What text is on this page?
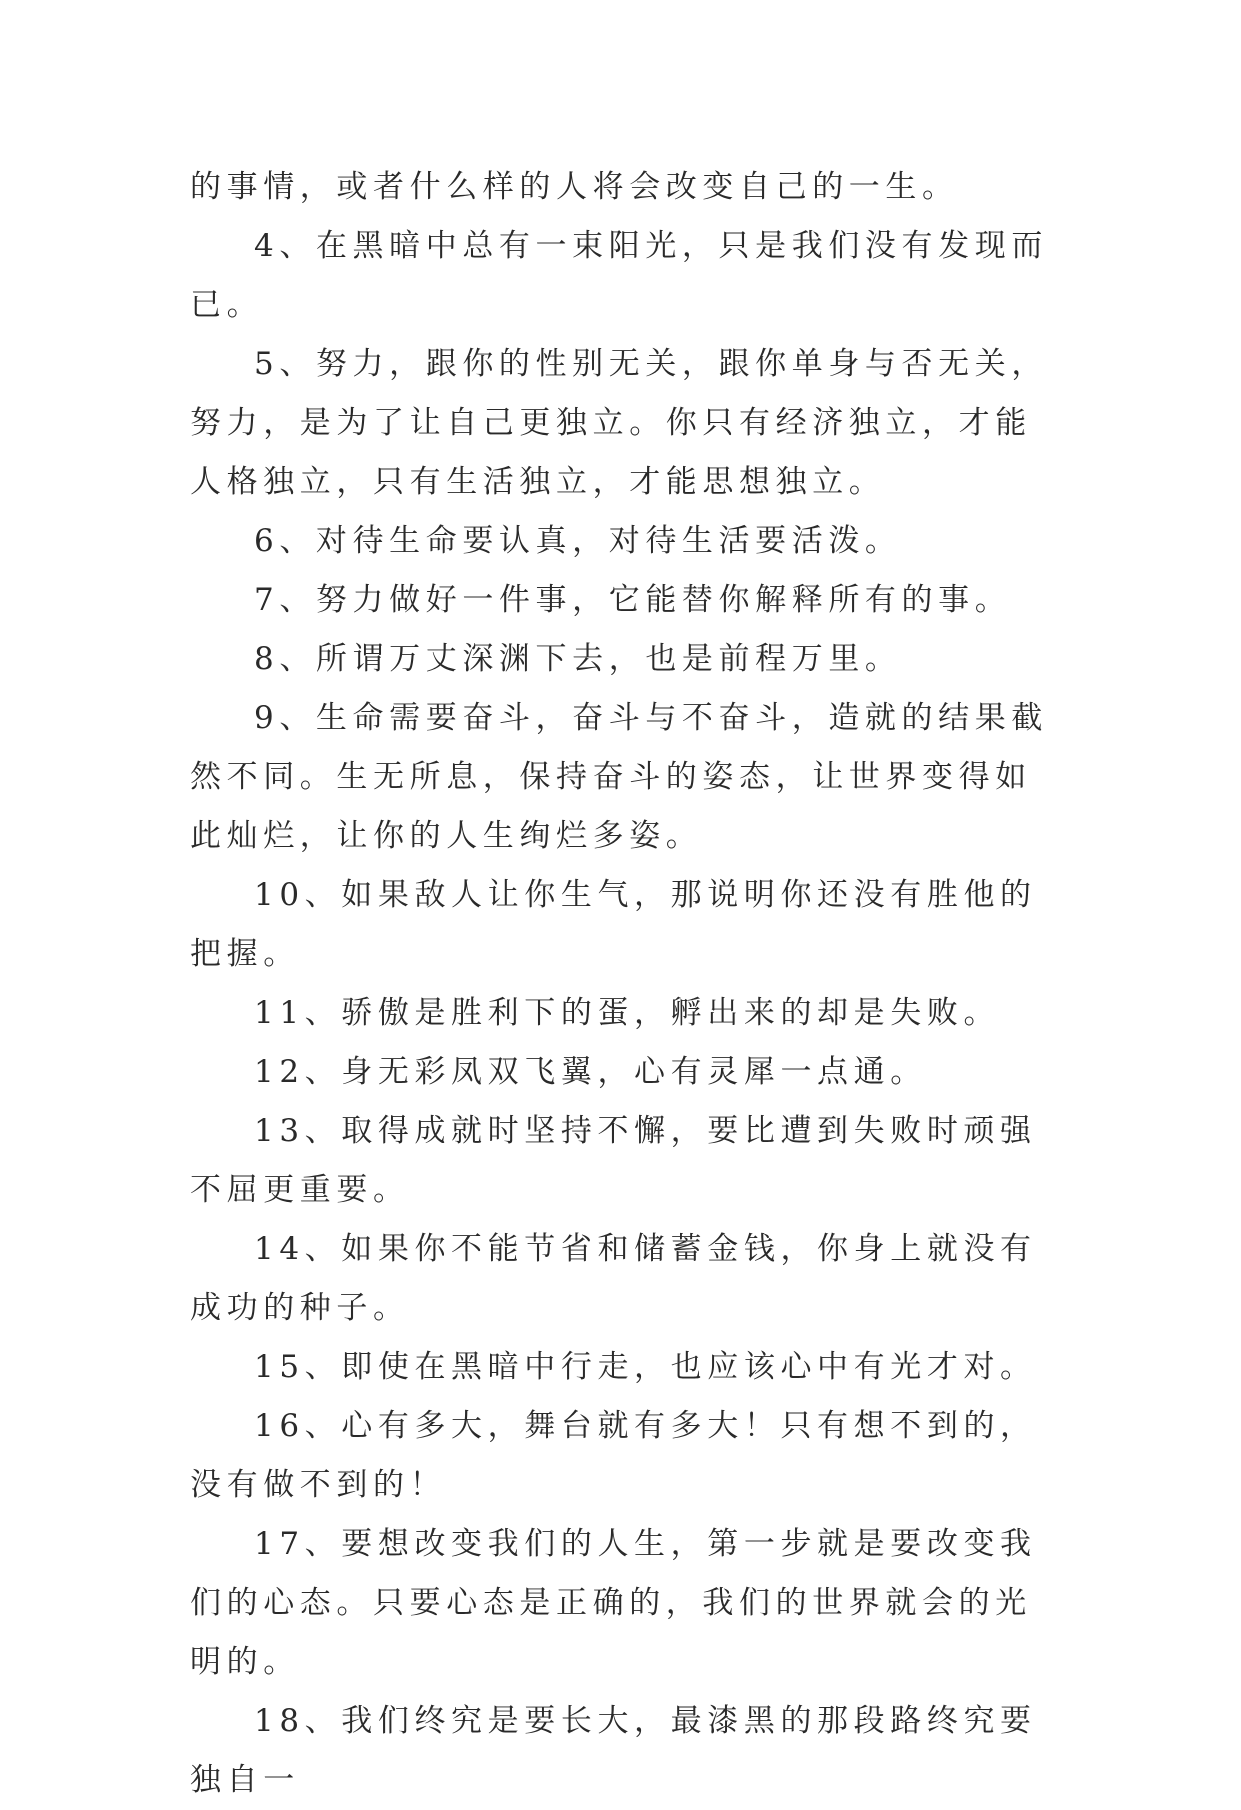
的事情，或者什么样的人将会改变自己的一生。

4、在黑暗中总有一束阳光，只是我们没有发现而已。

5、努力，跟你的性别无关，跟你单身与否无关，努力，是为了让自己更独立。你只有经济独立，才能人格独立，只有生活独立，才能思想独立。

6、对待生命要认真，对待生活要活泼。

7、努力做好一件事，它能替你解释所有的事。

8、所谓万丈深渊下去，也是前程万里。

9、生命需要奋斗，奋斗与不奋斗，造就的结果截然不同。生无所息，保持奋斗的姿态，让世界变得如此灿烂，让你的人生绚烂多姿。

10、如果敌人让你生气，那说明你还没有胜他的把握。

11、骄傲是胜利下的蛋，孵出来的却是失败。

12、身无彩凤双飞翼，心有灵犀一点通。

13、取得成就时坚持不懈，要比遭到失败时顽强不屈更重要。

14、如果你不能节省和储蓄金钱，你身上就没有成功的种子。

15、即使在黑暗中行走，也应该心中有光才对。

16、心有多大，舞台就有多大！只有想不到的，没有做不到的！

17、要想改变我们的人生，第一步就是要改变我们的心态。只要心态是正确的，我们的世界就会的光明的。

18、我们终究是要长大，最漆黑的那段路终究要独自一
